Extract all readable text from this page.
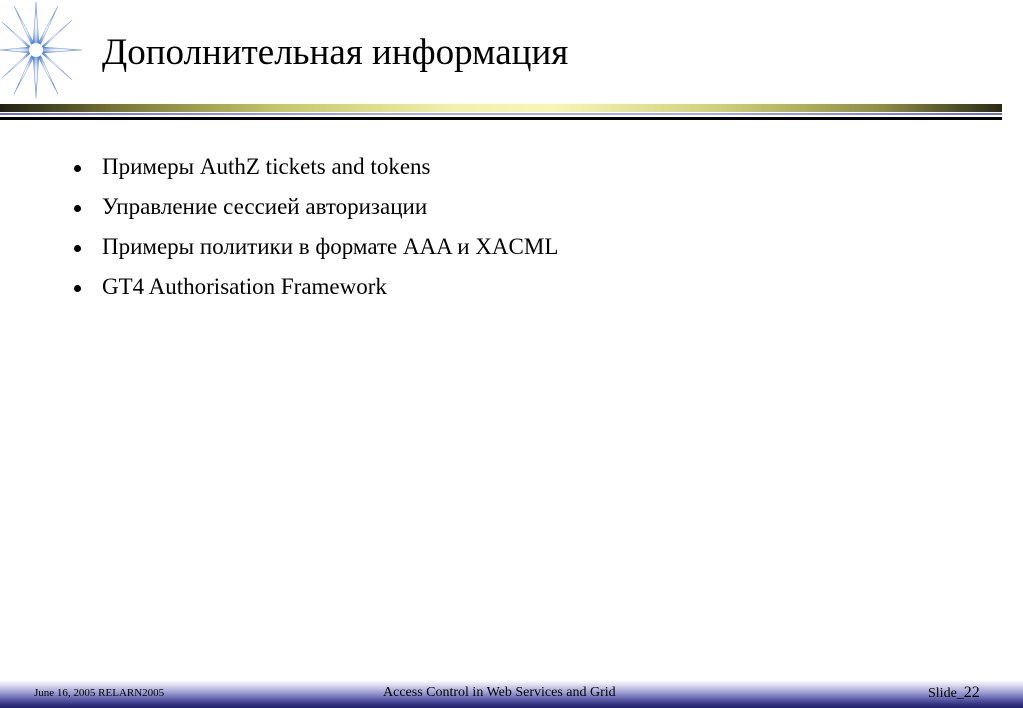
Дополнительная информация
Примеры AuthZ tickets and tokens
Управление сессией авторизации
Примеры политики в формате AAA и XACML
GT4 Authorisation Framework
June 16, 2005 RELARN2005	Access Control in Web Services and Grid	Slide_22
